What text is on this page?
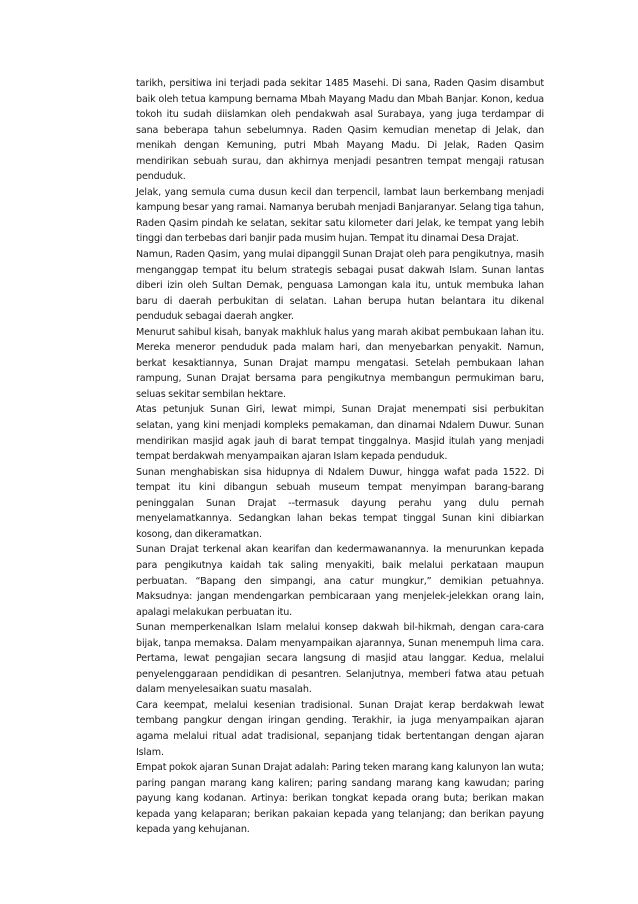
tarikh, persitiwa ini terjadi pada sekitar 1485 Masehi. Di sana, Raden Qasim disambut baik oleh tetua kampung bernama Mbah Mayang Madu dan Mbah Banjar. Konon, kedua tokoh itu sudah diislamkan oleh pendakwah asal Surabaya, yang juga terdampar di sana beberapa tahun sebelumnya. Raden Qasim kemudian menetap di Jelak, dan menikah dengan Kemuning, putri Mbah Mayang Madu. Di Jelak, Raden Qasim mendirikan sebuah surau, dan akhirnya menjadi pesantren tempat mengaji ratusan penduduk.

Jelak, yang semula cuma dusun kecil dan terpencil, lambat laun berkembang menjadi kampung besar yang ramai. Namanya berubah menjadi Banjaranyar. Selang tiga tahun, Raden Qasim pindah ke selatan, sekitar satu kilometer dari Jelak, ke tempat yang lebih tinggi dan terbebas dari banjir pada musim hujan. Tempat itu dinamai Desa Drajat.

Namun, Raden Qasim, yang mulai dipanggil Sunan Drajat oleh para pengikutnya, masih menganggap tempat itu belum strategis sebagai pusat dakwah Islam. Sunan lantas diberi izin oleh Sultan Demak, penguasa Lamongan kala itu, untuk membuka lahan baru di daerah perbukitan di selatan. Lahan berupa hutan belantara itu dikenal penduduk sebagai daerah angker.

Menurut sahibul kisah, banyak makhluk halus yang marah akibat pembukaan lahan itu. Mereka meneror penduduk pada malam hari, dan menyebarkan penyakit. Namun, berkat kesaktiannya, Sunan Drajat mampu mengatasi. Setelah pembukaan lahan rampung, Sunan Drajat bersama para pengikutnya membangun permukiman baru, seluas sekitar sembilan hektare.

Atas petunjuk Sunan Giri, lewat mimpi, Sunan Drajat menempati sisi perbukitan selatan, yang kini menjadi kompleks pemakaman, dan dinamai Ndalem Duwur. Sunan mendirikan masjid agak jauh di barat tempat tinggalnya. Masjid itulah yang menjadi tempat berdakwah menyampaikan ajaran Islam kepada penduduk.

Sunan menghabiskan sisa hidupnya di Ndalem Duwur, hingga wafat pada 1522. Di tempat itu kini dibangun sebuah museum tempat menyimpan barang-barang peninggalan Sunan Drajat --termasuk dayung perahu yang dulu pernah menyelamatkannya. Sedangkan lahan bekas tempat tinggal Sunan kini dibiarkan kosong, dan dikeramatkan.

Sunan Drajat terkenal akan kearifan dan kedermawanannya. Ia menurunkan kepada para pengikutnya kaidah tak saling menyakiti, baik melalui perkataan maupun perbuatan. “Bapang den simpangi, ana catur mungkur,” demikian petuahnya. Maksudnya: jangan mendengarkan pembicaraan yang menjelek-jelekkan orang lain, apalagi melakukan perbuatan itu.

Sunan memperkenalkan Islam melalui konsep dakwah bil-hikmah, dengan cara-cara bijak, tanpa memaksa. Dalam menyampaikan ajarannya, Sunan menempuh lima cara. Pertama, lewat pengajian secara langsung di masjid atau langgar. Kedua, melalui penyelenggaraan pendidikan di pesantren. Selanjutnya, memberi fatwa atau petuah dalam menyelesaikan suatu masalah.

Cara keempat, melalui kesenian tradisional. Sunan Drajat kerap berdakwah lewat tembang pangkur dengan iringan gending. Terakhir, ia juga menyampaikan ajaran agama melalui ritual adat tradisional, sepanjang tidak bertentangan dengan ajaran Islam.

Empat pokok ajaran Sunan Drajat adalah: Paring teken marang kang kalunyon lan wuta; paring pangan marang kang kaliren; paring sandang marang kang kawudan; paring payung kang kodanan. Artinya: berikan tongkat kepada orang buta; berikan makan kepada yang kelaparan; berikan pakaian kepada yang telanjang; dan berikan payung kepada yang kehujanan.
